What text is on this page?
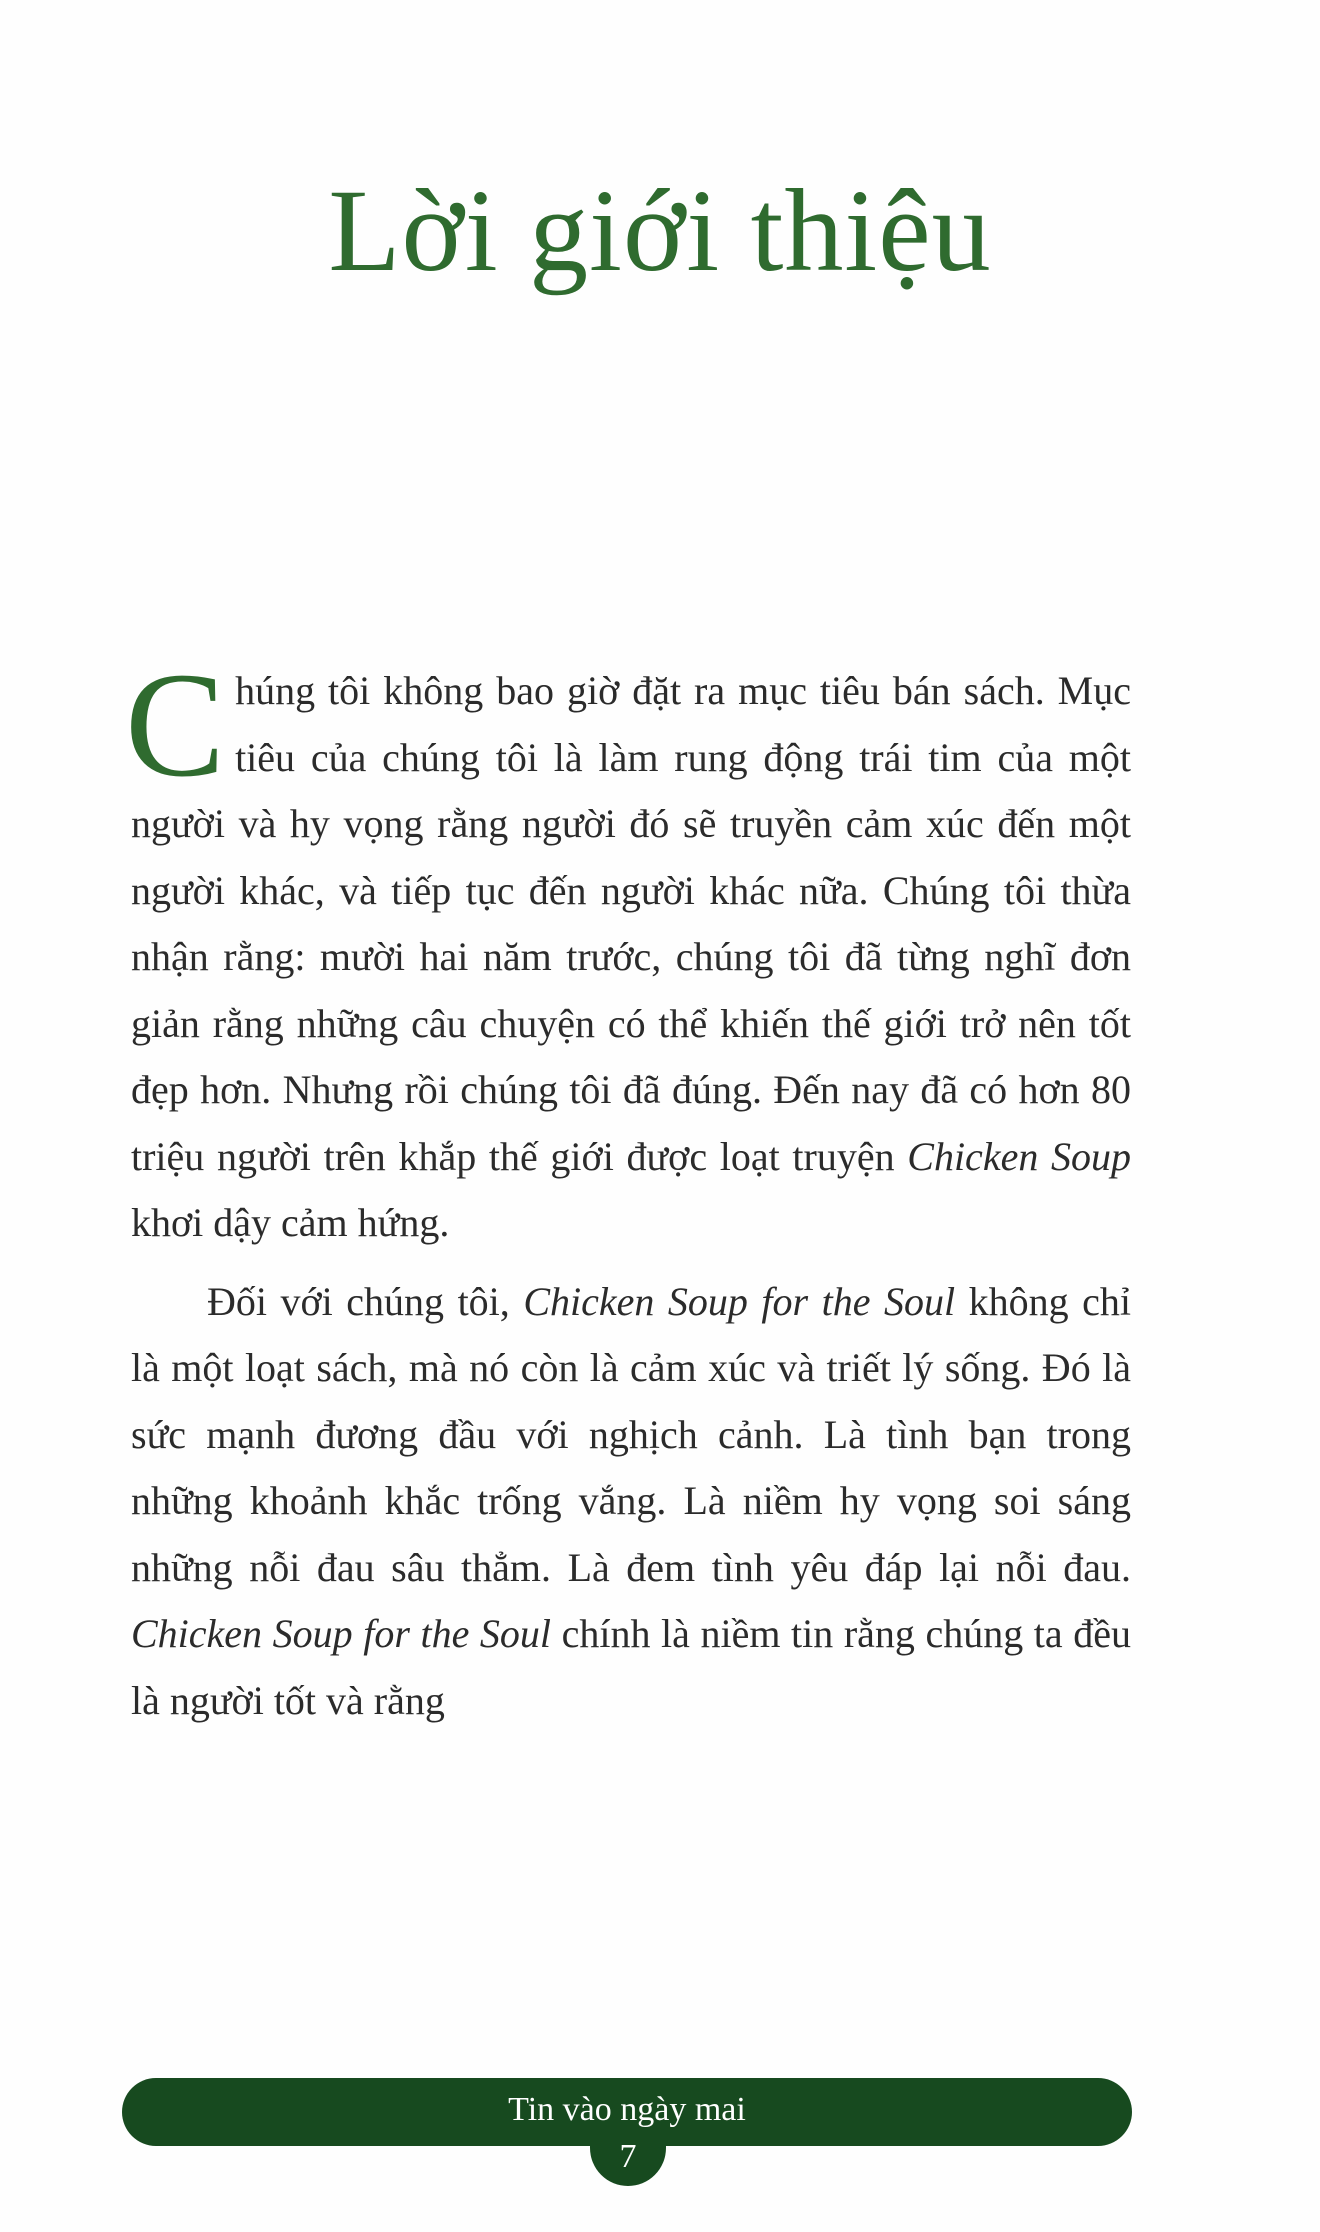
Lời giới thiệu

Chúng tôi không bao giờ đặt ra mục tiêu bán sách. Mục tiêu của chúng tôi là làm rung động trái tim của một người và hy vọng rằng người đó sẽ truyền cảm xúc đến một người khác, và tiếp tục đến người khác nữa. Chúng tôi thừa nhận rằng: mười hai năm trước, chúng tôi đã từng nghĩ đơn giản rằng những câu chuyện có thể khiến thế giới trở nên tốt đẹp hơn. Nhưng rồi chúng tôi đã đúng. Đến nay đã có hơn 80 triệu người trên khắp thế giới được loạt truyện Chicken Soup khơi dậy cảm hứng.

Đối với chúng tôi, Chicken Soup for the Soul không chỉ là một loạt sách, mà nó còn là cảm xúc và triết lý sống. Đó là sức mạnh đương đầu với nghịch cảnh. Là tình bạn trong những khoảnh khắc trống vắng. Là niềm hy vọng soi sáng những nỗi đau sâu thẳm. Là đem tình yêu đáp lại nỗi đau. Chicken Soup for the Soul chính là niềm tin rằng chúng ta đều là người tốt và rằng

Tin vào ngày mai
7
